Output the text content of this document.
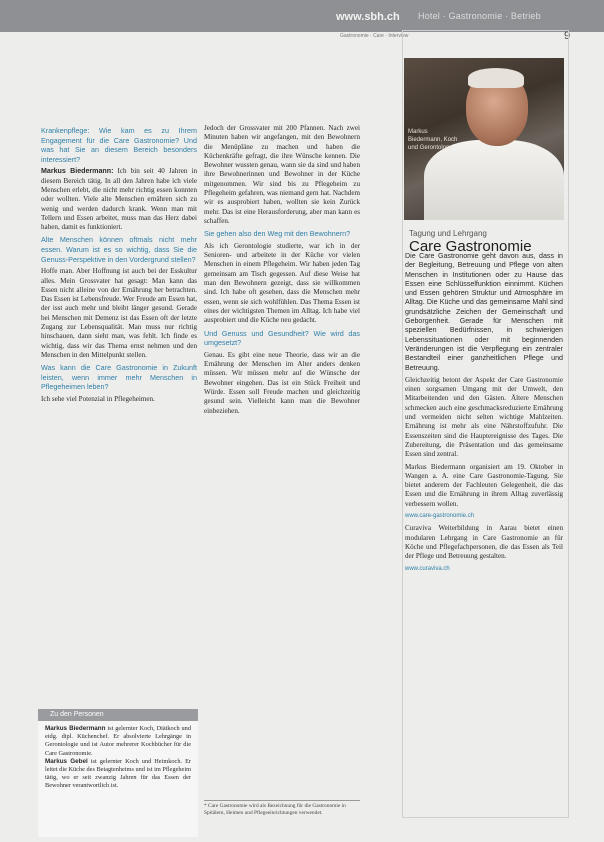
www.sbh.ch Hotel · Gastronomie · Betrieb
Gastronomie · Care · Interview	9

Krankenpflege: Wie kam es zu Ihrem Engagement für die Care Gastronomie? Und was hat Sie an diesem Bereich besonders interessiert?

Markus Biedermann: Ich bin seit 40 Jahren in diesem Bereich tätig. In all den Jahren habe ich viele Menschen erlebt, die nicht mehr richtig essen konnten oder wollten. Viele alte Menschen ernähren sich zu wenig und werden dadurch krank. Wenn man mit Tellern und Essen arbeitet, muss man das Herz dabei haben, damit es funktioniert.

Alte Menschen können oftmals nicht mehr essen. Warum ist es so wichtig, dass Sie die Genuss-Perspektive in den Vordergrund stellen?

Hoffe man. Aber Hoffnung ist auch bei der Esskultur alles. Mein Grossvater hat gesagt: Man kann das Essen nicht alleine von der Ernährung her betrachten. Das Essen ist Lebensfreude. Wer Freude am Essen hat, der isst auch mehr und bleibt länger gesund. Gerade bei Menschen mit Demenz ist das Essen oft der letzte Zugang zur Lebensqualität. Man muss nur richtig hinschauen, dann sieht man, was fehlt. Ich finde es wichtig, dass wir das Thema ernst nehmen und den Menschen in den Mittelpunkt stellen.

Was kann die Care Gastronomie in Zukunft leisten, wenn immer mehr Menschen in Pflegeheimen leben?

Ich sehe viel Potenzial in Pflegeheimen.

Jedoch der Grossvater mit 200 Pfannen. Nach zwei Minuten haben wir angefangen, mit den Bewohnern die Menüpläne zu machen und haben die Küchenkräfte gefragt, die ihre Wünsche kennen. Die Bewohner wussten genau, wann sie da sind und haben ihre Bewohnerinnen und Bewohner in der Küche mitgenommen. Wir sind bis zu Pflegeheim zu Pflegeheim gefahren, was niemand gern hat. Nachdem wir es ausprobiert haben, wollten sie kein Zurück mehr. Das ist eine Herausforderung, aber man kann es schaffen.

Sie gehen also den Weg mit den Bewohnern?

Als ich Gerontologie studierte, war ich in der Senioren- und arbeitete in der Küche vor vielen Menschen in einem Pflegeheim. Wir haben jeden Tag gemeinsam am Tisch gegessen. Auf diese Weise hat man den Bewohnern gezeigt, dass sie willkommen sind. Ich habe oft gesehen, dass die Menschen mehr essen, wenn sie sich wohlfühlen. Das Thema Essen ist eines der wichtigsten Themen im Alltag. Ich habe viel ausprobiert und die Küche neu gedacht.

Und Genuss und Gesundheit? Wie wird das umgesetzt?

Genau. Es gibt eine neue Theorie, dass wir an die Ernährung der Menschen im Alter anders denken müssen. Wir müssen mehr auf die Wünsche der Bewohner eingehen. Das ist ein Stück Freiheit und Würde. Essen soll Freude machen und gleichzeitig gesund sein. Vielleicht kann man die Bewohner einbeziehen.

* Care Gastronomie wird als Bezeichnung für die Gastronomie in Spitälern, Heimen und Pflegeeinrichtungen verwendet.
Markus Biedermann, Koch und Gerontologe
Tagung und Lehrgang
Care Gastronomie

Die Care Gastronomie geht davon aus, dass in der Begleitung, Betreuung und Pflege von alten Menschen in Institutionen oder zu Hause das Essen eine Schlüsselfunktion einnimmt. Küchen und Essen gehören Struktur und Atmosphäre im Alltag. Die Küche und das gemeinsame Mahl sind grundsätzliche Zeichen der Gemeinschaft und Geborgenheit. Gerade für Menschen mit speziellen Bedürfnissen, in schwierigen Lebenssituationen oder mit beginnenden Veränderungen ist die Verpflegung ein zentraler Bestandteil einer ganzheitlichen Pflege und Betreuung.

Gleichzeitig betont der Aspekt der Care Gastronomie einen sorgsamen Umgang mit der Umwelt, den Mitarbeitenden und den Gästen. Ältere Menschen schmecken auch eine geschmacksreduzierte Ernährung und vermeiden nicht selten wichtige Mahlzeiten. Ernährung ist mehr als eine Nährstoffzufuhr. Die Essenszeiten sind die Hauptereignisse des Tages. Die Zubereitung, die Präsentation und das gemeinsame Essen sind zentral.

Markus Biedermann organisiert am 19. Oktober in Wangen a. A. eine Care Gastronomie-Tagung. Sie bietet anderem der Fachleuten Gelegenheit, die das Essen und die Ernährung in ihrem Alltag zuverlässig verbessern wollen.

www.care-gastronomie.ch

Curaviva Weiterbildung in Aarau bietet einen modularen Lehrgang in Care Gastronomie an für Köche und Pflegefachpersonen, die das Essen als Teil der Pflege und Betreuung gestalten.

www.curaviva.ch

Zu den Personen
Markus Biedermann ist gelernter Koch, Diätkoch und eidg. dipl. Küchenchef. Er absolvierte Lehrgänge in Gerontologie und ist Autor mehrerer Kochbücher für die Care Gastronomie.
Markus Gebel ist gelernter Koch und Heimkoch. Er leitet die Küche des Betagtenheims und ist im Pflegeheim tätig, wo er seit zwanzig Jahren für das Essen der Bewohner verantwortlich ist.
